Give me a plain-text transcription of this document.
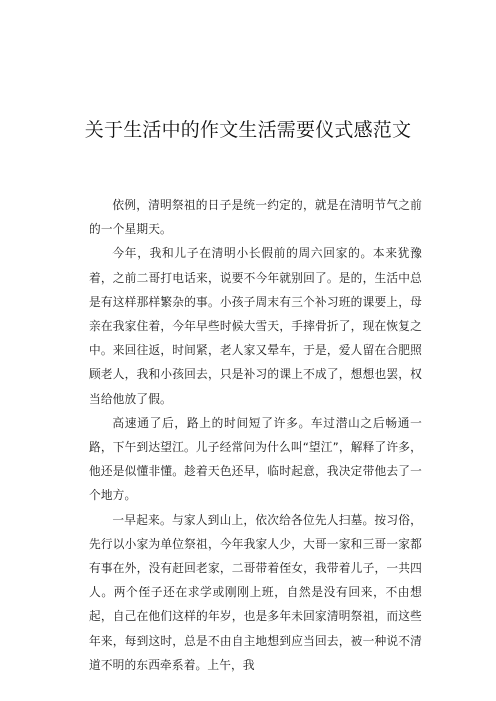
关于生活中的作文生活需要仪式感范文

依例，清明祭祖的日子是统一约定的，就是在清明节气之前的一个星期天。

今年，我和儿子在清明小长假前的周六回家的。本来犹豫着，之前二哥打电话来，说要不今年就别回了。是的，生活中总是有这样那样繁杂的事。小孩子周末有三个补习班的课要上，母亲在我家住着，今年早些时候大雪天，手摔骨折了，现在恢复之中。来回往返，时间紧，老人家又晕车，于是，爱人留在合肥照顾老人，我和小孩回去，只是补习的课上不成了，想想也罢，权当给他放了假。

高速通了后，路上的时间短了许多。车过潜山之后畅通一路，下午到达望江。儿子经常问为什么叫“望江”，解释了许多，他还是似懂非懂。趁着天色还早，临时起意，我决定带他去了一个地方。

一早起来。与家人到山上，依次给各位先人扫墓。按习俗，先行以小家为单位祭祖，今年我家人少，大哥一家和三哥一家都有事在外，没有赶回老家，二哥带着侄女，我带着儿子，一共四人。两个侄子还在求学或刚刚上班，自然是没有回来，不由想起，自己在他们这样的年岁，也是多年未回家清明祭祖，而这些年来，每到这时，总是不由自主地想到应当回去，被一种说不清道不明的东西牵系着。上午，我
